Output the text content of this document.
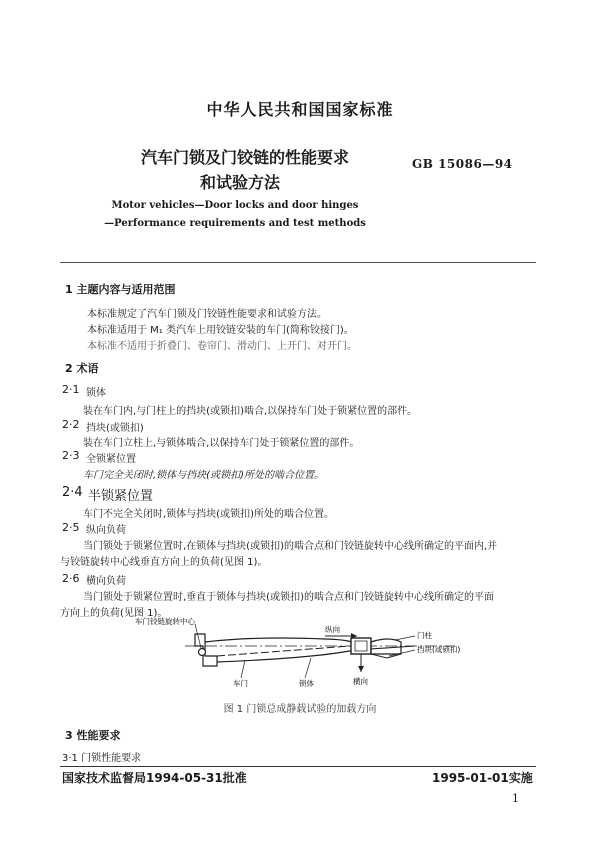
中华人民共和国国家标准
汽车门锁及门铰链的性能要求
和试验方法
GB 15086—94
Motor vehicles—Door locks and door hinges
—Performance requirements and test methods
1 主题内容与适用范围
本标准规定了汽车门锁及门铰链性能要求和试验方法。
本标准适用于 M₁ 类汽车上用铰链安装的车门(简称铰接门)。
本标准不适用于折叠门、卷帘门、滑动门、上开门、对开门。
2 术语
2·1 锁体
装在车门内,与门柱上的挡块(或锁扣)啮合,以保持车门处于锁紧位置的部件。
2·2 挡块(或锁扣)
装在车门立柱上,与锁体啮合,以保持车门处于锁紧位置的部件。
2·3 全锁紧位置
车门完全关闭时,锁体与挡块(或锁扣)所处的啮合位置。
2·4 半锁紧位置
车门不完全关闭时,锁体与挡块(或锁扣)所处的啮合位置。
2·5 纵向负荷
当门锁处于锁紧位置时,在锁体与挡块(或锁扣)的啮合点和门铰链旋转中心线所确定的平面内,并
与铰链旋转中心线垂直方向上的负荷(见图 1)。
2·6 横向负荷
当门锁处于锁紧位置时,垂直于锁体与挡块(或锁扣)的啮合点和门铰链旋转中心线所确定的平面
方向上的负荷(见图 1)。
车门铰链旋转中心
纵向
门柱
挡块(或锁扣)
车门	锁体	横向
图 1 门锁总成静载试验的加载方向
3 性能要求
3·1 门锁性能要求
国家技术监督局1994-05-31批准	1995-01-01实施
1
